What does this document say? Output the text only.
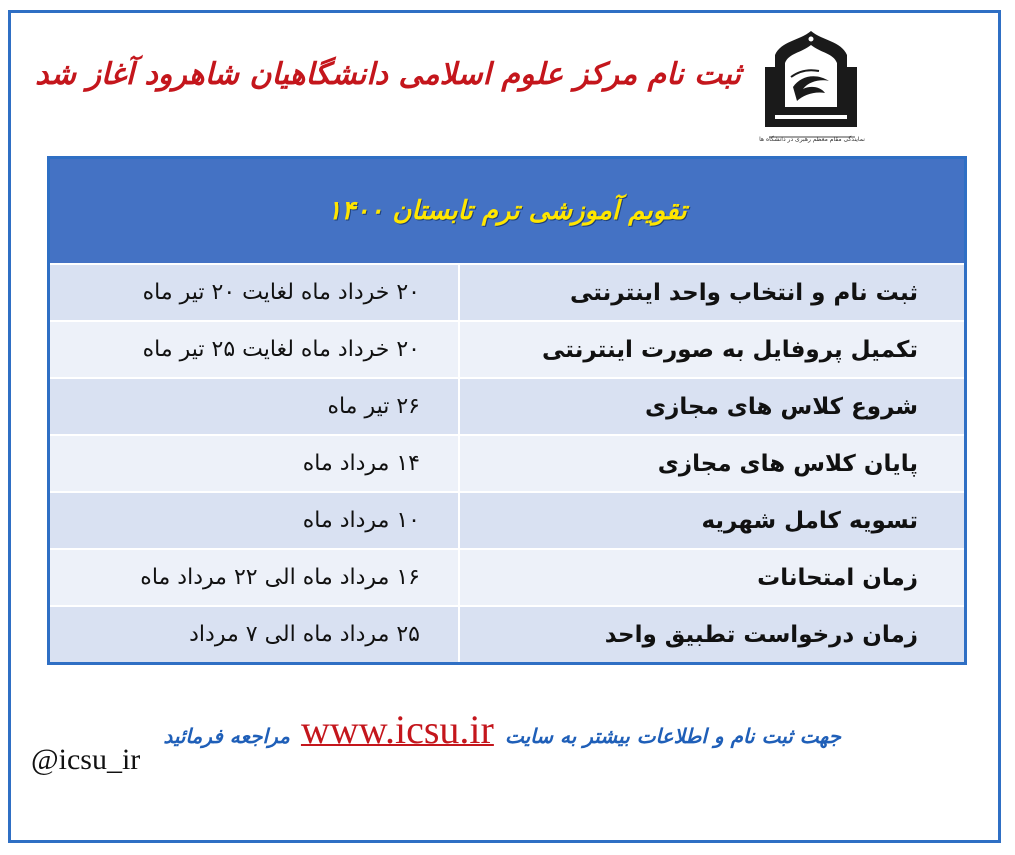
نمایندگی مقام معظم رهبری در دانشگاه ها
ثبت نام مرکز علوم اسلامی دانشگاهیان شاهرود آغاز شد
تقویم آموزشی ترم تابستان ۱۴۰۰
ثبت نام و انتخاب واحد اینترنتی
۲۰ خرداد ماه لغایت ۲۰ تیر ماه
تکمیل پروفایل به صورت اینترنتی
۲۰ خرداد ماه لغایت ۲۵ تیر ماه
شروع کلاس های مجازی
۲۶ تیر ماه
پایان کلاس های مجازی
۱۴ مرداد ماه
تسویه کامل شهریه
۱۰ مرداد ماه
زمان امتحانات
۱۶ مرداد ماه الی ۲۲ مرداد ماه
زمان درخواست تطبیق واحد
۲۵ مرداد ماه الی ۷ مرداد
جهت ثبت نام و اطلاعات بیشتر به سایت www.icsu.ir مراجعه فرمائید
@icsu_ir
